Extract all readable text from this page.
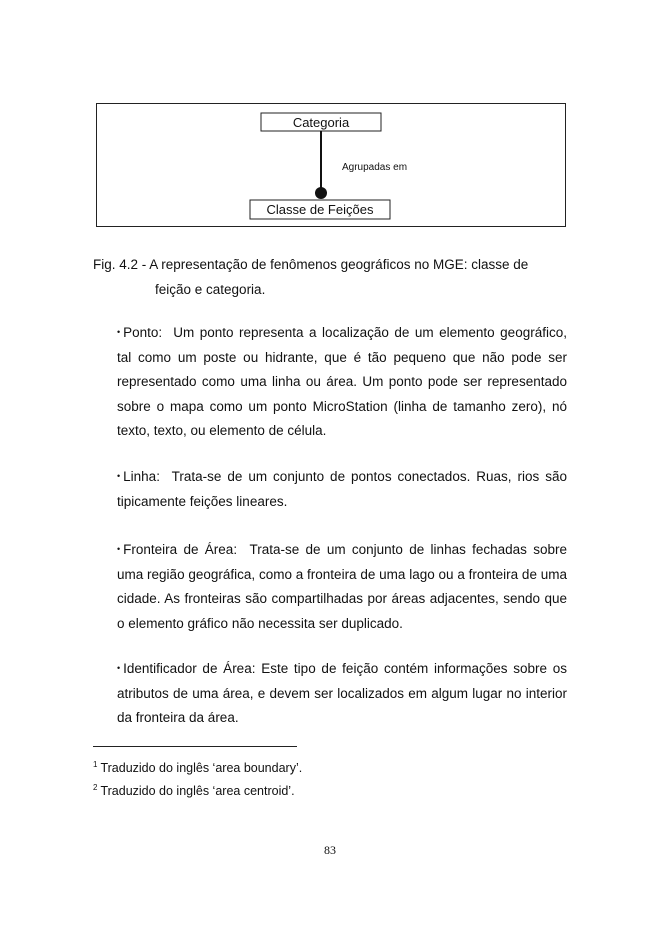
Categoria
Classe de Feições
Agrupadas em
Fig. 4.2 - A representação de fenômenos geográficos no MGE: classe de
feição e categoria.
• Ponto: Um ponto representa a localização de um elemento geográfico, tal como um poste ou hidrante, que é tão pequeno que não pode ser representado como uma linha ou área. Um ponto pode ser representado sobre o mapa como um ponto MicroStation (linha de tamanho zero), nó texto, texto, ou elemento de célula.
• Linha: Trata-se de um conjunto de pontos conectados. Ruas, rios são tipicamente feições lineares.
• Fronteira de Área: Trata-se de um conjunto de linhas fechadas sobre uma região geográfica, como a fronteira de uma lago ou a fronteira de uma cidade. As fronteiras são compartilhadas por áreas adjacentes, sendo que o elemento gráfico não necessita ser duplicado.
• Identificador de Área: Este tipo de feição contém informações sobre os atributos de uma área, e devem ser localizados em algum lugar no interior da fronteira da área.
$^1$ Traduzido do inglês ‘area boundary’.
$^2$ Traduzido do inglês ‘area centroid’.
83
